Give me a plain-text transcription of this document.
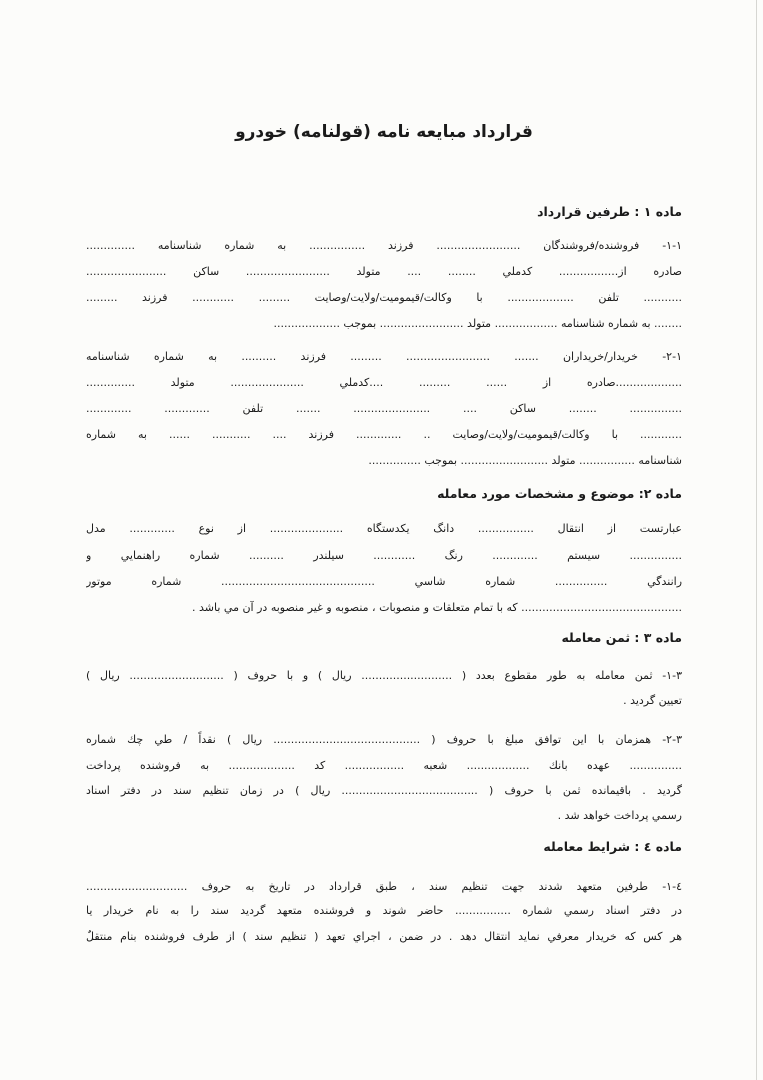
قرارداد مبايعه نامه (قولنامه) خودرو
ماده ١ : طرفين قرارداد
١-١- فروشنده/فروشندگان ........................ فرزند ................ به شماره شناسنامه ..............
صادره از................. كدملي ........ .... متولد ........................ ساكن .......................
........... تلفن ................... با وكالت/قيموميت/ولايت/وصايت ......... ............ فرزند .........
........ به شماره شناسنامه .................. متولد ........................ بموجب ...................
١-٢- خريدار/خريداران ....... ........................ ......... فرزند .......... به شماره شناسنامه
...................صادره از ...... ......... ....كدملي ..................... متولد ..............
............... ........ ساكن .... ...................... ....... تلفن ............. .............
............ با وكالت/قيموميت/ولايت/وصايت .. ............. فرزند .... ........... ...... به شماره
شناسنامه ................ متولد ......................... بموجب ...............
ماده ٢: موضوع و مشخصات مورد معامله
عبارتست از انتقال ................ دانگ يكدستگاه ..................... از نوع ............. مدل
............... سيستم ............. رنگ ............ سيلندر .......... شماره راهنمايي و
رانندگي ............... شماره شاسي ............................................ شماره موتور
.............................................. كه با تمام متعلقات و منصوبات ، منصوبه و غير منصوبه در آن مي باشد .
ماده ٣ : ثمن معامله
٣-١- ثمن معامله به طور مقطوع بعدد ( .......................... ريال ) و با حروف ( ........................... ريال )
تعيين گرديد .
٣-٢- همزمان با اين توافق مبلغ با حروف ( .......................................... ريال ) نقداً / طي چك شماره
............... عهده بانك .................. شعبه ................. كد ................... به فروشنده پرداخت
گرديد . باقيمانده ثمن با حروف ( ....................................... ريال ) در زمان تنظيم سند در دفتر اسناد
رسمي پرداخت خواهد شد .
ماده ٤ : شرايط معامله
٤-١- طرفين متعهد شدند جهت تنظيم سند ، طبق قرارداد در تاريخ به حروف .............................
در دفتر اسناد رسمي شماره ................ حاضر شوند و فروشنده متعهد گرديد سند را به نام خريدار يا
هر كس كه خريدار معرفي نمايد انتقال دهد . در ضمن ، اجراي تعهد ( تنظيم سند ) از طرف فروشنده بنام منتقلٌ
